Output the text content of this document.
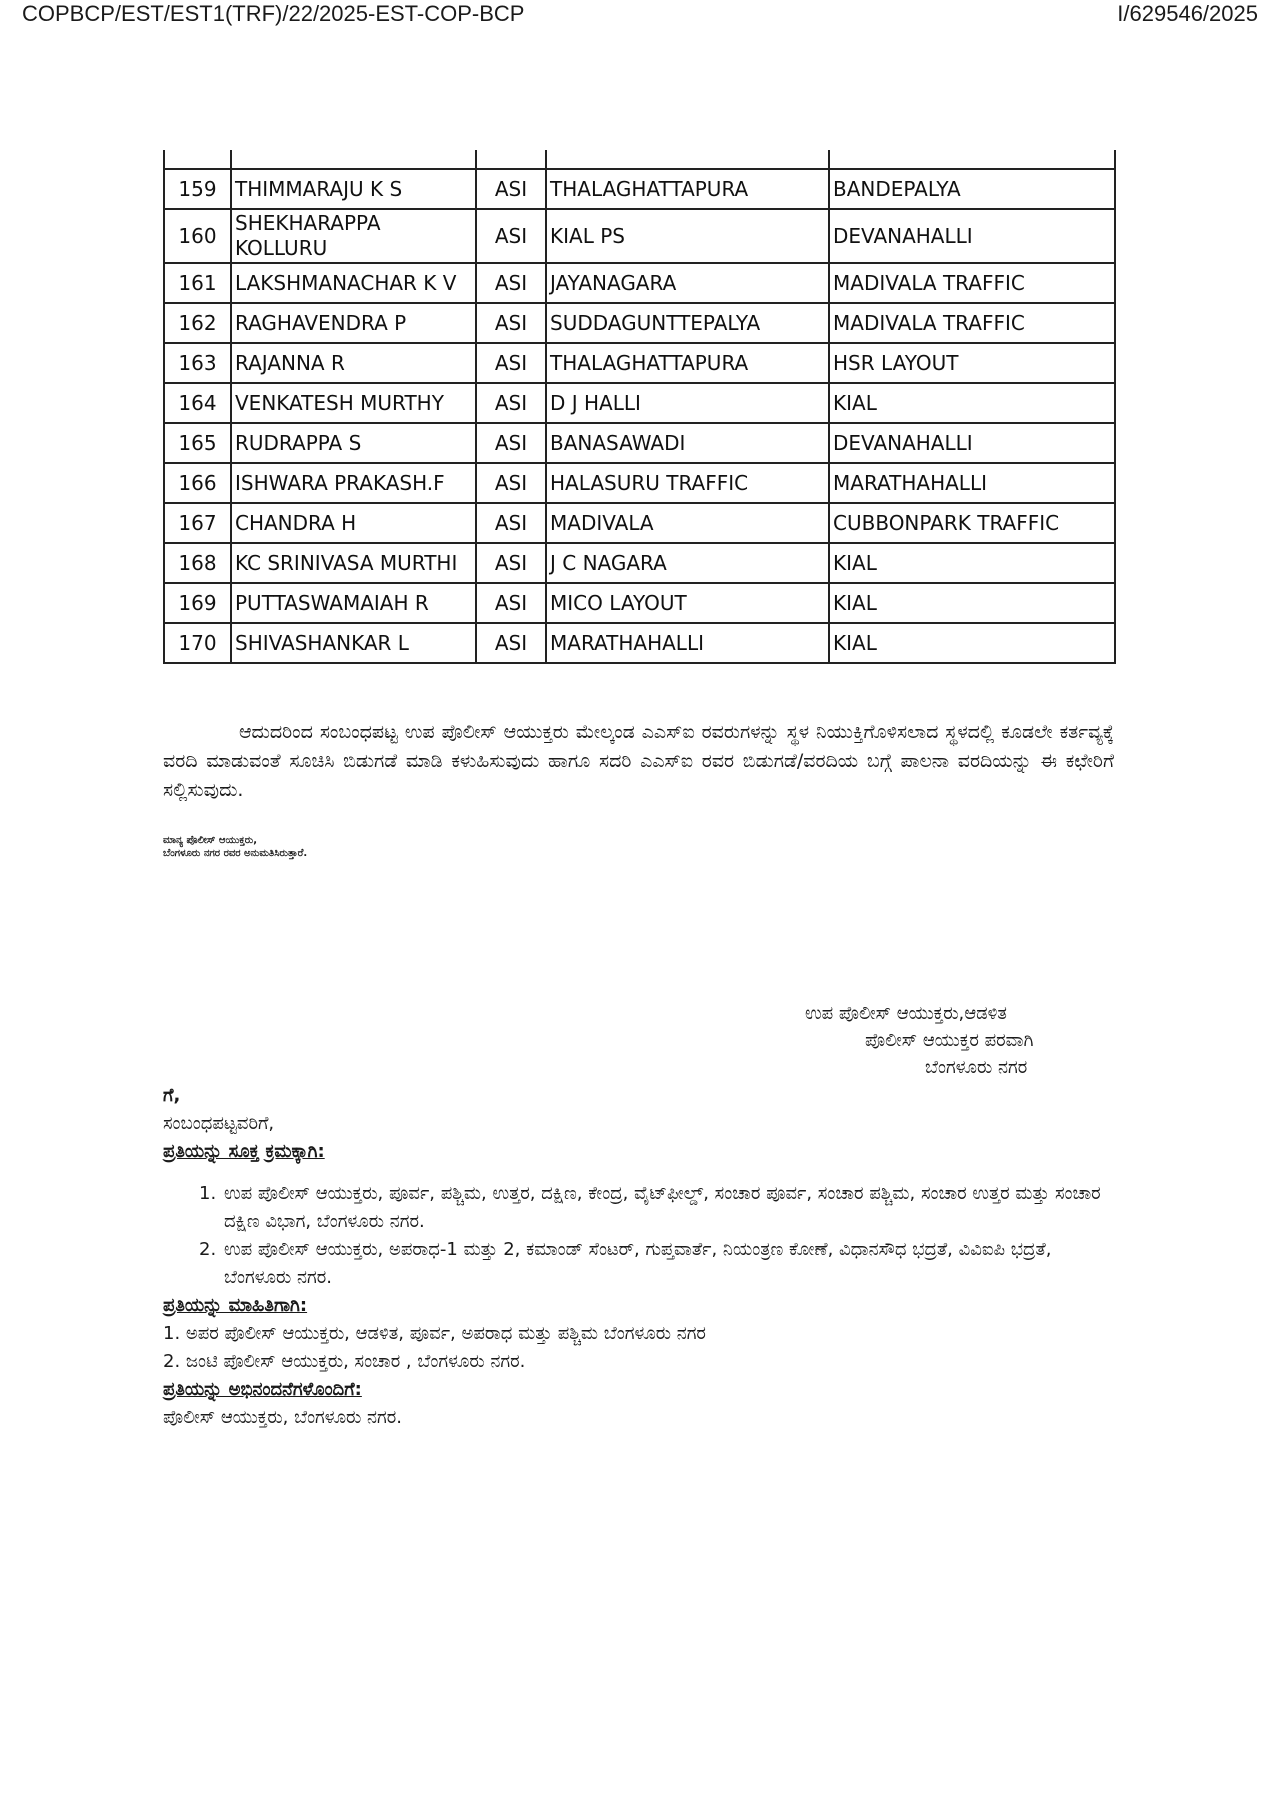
COPBCP/EST/EST1(TRF)/22/2025-EST-COP-BCP	I/629546/2025

159	THIMMARAJU K S	ASI	THALAGHATTAPURA	BANDEPALYA
160	SHEKHARAPPA KOLLURU	ASI	KIAL PS	DEVANAHALLI
161	LAKSHMANACHAR K V	ASI	JAYANAGARA	MADIVALA TRAFFIC
162	RAGHAVENDRA P	ASI	SUDDAGUNTTEPALYA	MADIVALA TRAFFIC
163	RAJANNA R	ASI	THALAGHATTAPURA	HSR LAYOUT
164	VENKATESH MURTHY	ASI	D J HALLI	KIAL
165	RUDRAPPA S	ASI	BANASAWADI	DEVANAHALLI
166	ISHWARA PRAKASH.F	ASI	HALASURU TRAFFIC	MARATHAHALLI
167	CHANDRA H	ASI	MADIVALA	CUBBONPARK TRAFFIC
168	KC SRINIVASA MURTHI	ASI	J C NAGARA	KIAL
169	PUTTASWAMAIAH R	ASI	MICO LAYOUT	KIAL
170	SHIVASHANKAR L	ASI	MARATHAHALLI	KIAL

ಆದುದರಿಂದ ಸಂಬಂಧಪಟ್ಟ ಉಪ ಪೊಲೀಸ್ ಆಯುಕ್ತರು ಮೇಲ್ಕಂಡ ಎಎಸ್ಐ ರವರುಗಳನ್ನು ಸ್ಥಳ ನಿಯುಕ್ತಿಗೊಳಿಸಲಾದ ಸ್ಥಳದಲ್ಲಿ ಕೂಡಲೇ ಕರ್ತವ್ಯಕ್ಕೆ ವರದಿ ಮಾಡುವಂತೆ ಸೂಚಿಸಿ ಬಿಡುಗಡೆ ಮಾಡಿ ಕಳುಹಿಸುವುದು ಹಾಗೂ ಸದರಿ ಎಎಸ್ಐ ರವರ ಬಿಡುಗಡೆ/ವರದಿಯ ಬಗ್ಗೆ ಪಾಲನಾ ವರದಿಯನ್ನು ಈ ಕಛೇರಿಗೆ ಸಲ್ಲಿಸುವುದು.

ಮಾನ್ಯ ಪೊಲೀಸ್ ಆಯುಕ್ತರು,
ಬೆಂಗಳೂರು ನಗರ ರವರ ಅನುಮತಿಸಿರುತ್ತಾರೆ.
ಉಪ ಪೊಲೀಸ್ ಆಯುಕ್ತರು,ಆಡಳಿತ
ಪೊಲೀಸ್ ಆಯುಕ್ತರ ಪರವಾಗಿ
ಬೆಂಗಳೂರು ನಗರ
ಗೆ,
ಸಂಬಂಧಪಟ್ಟವರಿಗೆ,
ಪ್ರತಿಯನ್ನು ಸೂಕ್ತ ಕ್ರಮಕ್ಕಾಗಿ:
1. ಉಪ ಪೊಲೀಸ್ ಆಯುಕ್ತರು, ಪೂರ್ವ, ಪಶ್ಚಿಮ, ಉತ್ತರ, ದಕ್ಷಿಣ, ಕೇಂದ್ರ, ವೈಟ್‌ಫೀಲ್ಡ್, ಸಂಚಾರ ಪೂರ್ವ, ಸಂಚಾರ ಪಶ್ಚಿಮ, ಸಂಚಾರ ಉತ್ತರ ಮತ್ತು ಸಂಚಾರ ದಕ್ಷಿಣ ವಿಭಾಗ, ಬೆಂಗಳೂರು ನಗರ.
2. ಉಪ ಪೊಲೀಸ್ ಆಯುಕ್ತರು, ಅಪರಾಧ-1 ಮತ್ತು 2, ಕಮಾಂಡ್ ಸೆಂಟರ್, ಗುಪ್ತವಾರ್ತೆ, ನಿಯಂತ್ರಣ ಕೋಣೆ, ವಿಧಾನಸೌಧ ಭದ್ರತೆ, ವಿವಿಐಪಿ ಭದ್ರತೆ, ಬೆಂಗಳೂರು ನಗರ.
ಪ್ರತಿಯನ್ನು ಮಾಹಿತಿಗಾಗಿ:
1. ಅಪರ ಪೊಲೀಸ್ ಆಯುಕ್ತರು, ಆಡಳಿತ, ಪೂರ್ವ, ಅಪರಾಧ ಮತ್ತು ಪಶ್ಚಿಮ ಬೆಂಗಳೂರು ನಗರ
2. ಜಂಟಿ ಪೊಲೀಸ್ ಆಯುಕ್ತರು, ಸಂಚಾರ , ಬೆಂಗಳೂರು ನಗರ.
ಪ್ರತಿಯನ್ನು ಅಭಿನಂದನೆಗಳೊಂದಿಗೆ:
ಪೊಲೀಸ್ ಆಯುಕ್ತರು, ಬೆಂಗಳೂರು ನಗರ.
